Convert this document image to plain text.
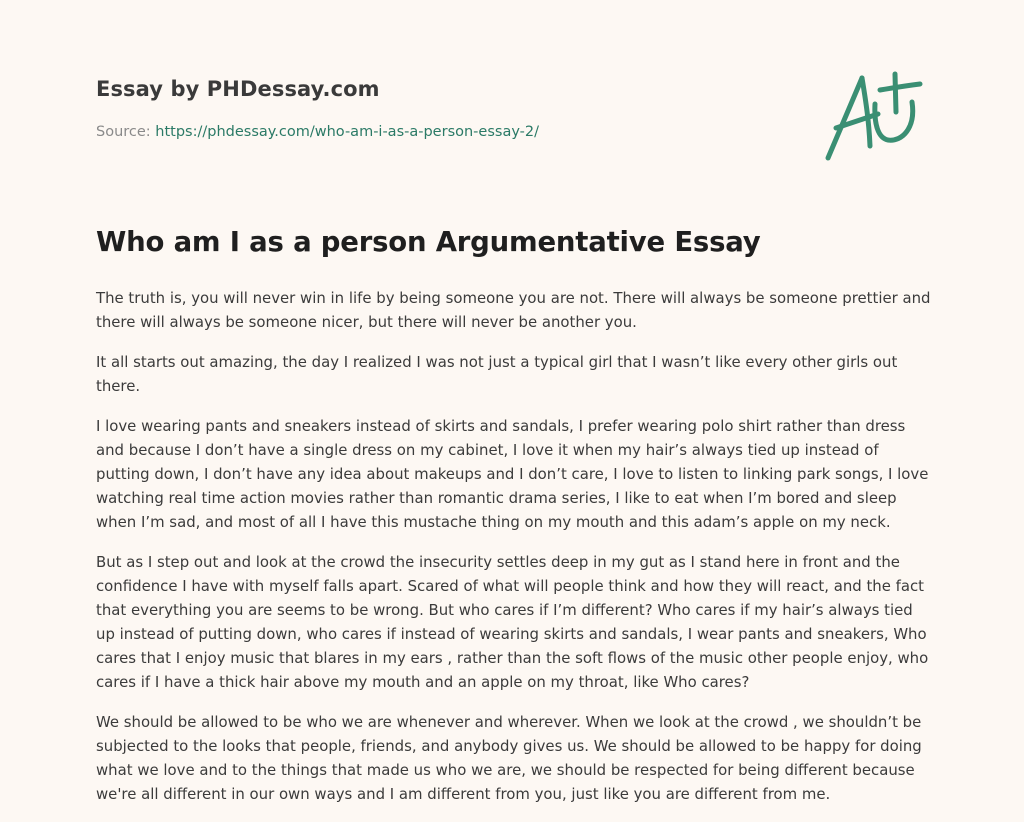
Essay by PHDessay.com
Source: https://phdessay.com/who-am-i-as-a-person-essay-2/
Who am I as a person Argumentative Essay

The truth is, you will never win in life by being someone you are not. There will always be someone prettier and there will always be someone nicer, but there will never be another you.

It all starts out amazing, the day I realized I was not just a typical girl that I wasn’t like every other girls out there.

I love wearing pants and sneakers instead of skirts and sandals, I prefer wearing polo shirt rather than dress and because I don’t have a single dress on my cabinet, I love it when my hair’s always tied up instead of putting down, I don’t have any idea about makeups and I don’t care, I love to listen to linking park songs, I love watching real time action movies rather than romantic drama series, I like to eat when I’m bored and sleep when I’m sad, and most of all I have this mustache thing on my mouth and this adam’s apple on my neck.

But as I step out and look at the crowd the insecurity settles deep in my gut as I stand here in front and the confidence I have with myself falls apart. Scared of what will people think and how they will react, and the fact that everything you are seems to be wrong. But who cares if I’m different? Who cares if my hair’s always tied up instead of putting down, who cares if instead of wearing skirts and sandals, I wear pants and sneakers, Who cares that I enjoy music that blares in my ears , rather than the soft flows of the music other people enjoy, who cares if I have a thick hair above my mouth and an apple on my throat, like Who cares?

We should be allowed to be who we are whenever and wherever. When we look at the crowd , we shouldn’t be subjected to the looks that people, friends, and anybody gives us. We should be allowed to be happy for doing what we love and to the things that made us who we are, we should be respected for being different because we're all different in our own ways and I am different from you, just like you are different from me.
